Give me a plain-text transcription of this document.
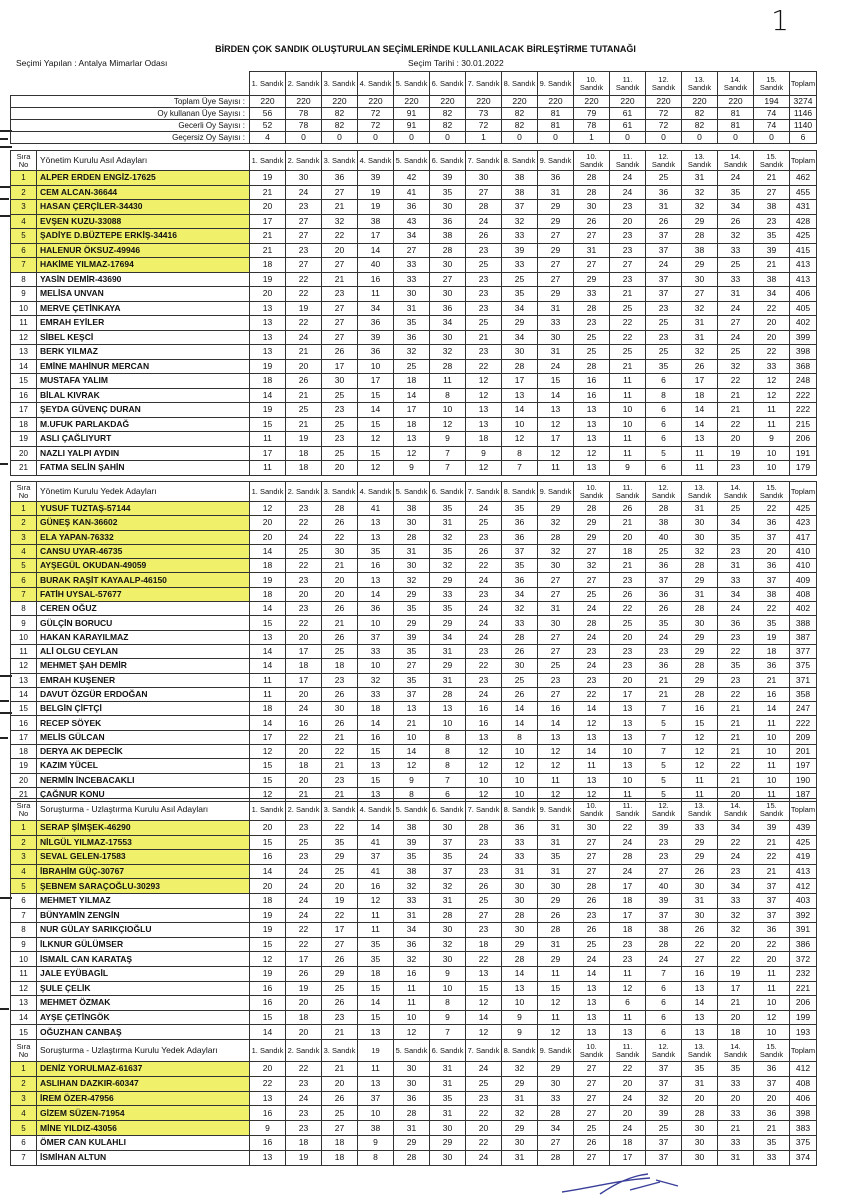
1
BİRDEN ÇOK SANDIK OLUŞTURULAN SEÇİMLERİNDE KULLANILACAK BİRLEŞTİRME TUTANAĞI
Seçimi Yapılan : Antalya Mimarlar Odası	Seçim Tarihi : 30.01.2022
	1. Sandık	2. Sandık	3. Sandık	4. Sandık	5. Sandık	6. Sandık	7. Sandık	8. Sandık	9. Sandık	10. Sandık	11. Sandık	12. Sandık	13. Sandık	14. Sandık	15. Sandık	Toplam
Toplam Üye Sayısı :	220	220	220	220	220	220	220	220	220	220	220	220	220	220	194	3274
Oy kullanan Üye Sayısı :	56	78	82	72	91	82	73	82	81	79	61	72	82	81	74	1146
Gecerli Oy Sayısı :	52	78	82	72	91	82	72	82	81	78	61	72	82	81	74	1140
Geçersiz Oy Sayısı :	4	0	0	0	0	0	1	0	0	1	0	0	0	0	0	6
Sıra No	Yönetim Kurulu Asıl Adayları	1. Sandık	2. Sandık	3. Sandık	4. Sandık	5. Sandık	6. Sandık	7. Sandık	8. Sandık	9. Sandık	10. Sandık	11. Sandık	12. Sandık	13. Sandık	14. Sandık	15. Sandık	Toplam
1	ALPER ERDEN ENGİZ-17625	19	30	36	39	42	39	30	38	36	28	24	25	31	24	21	462
2	CEM ALCAN-36644	21	24	27	19	41	35	27	38	31	28	24	36	32	35	27	455
3	HASAN ÇERÇİLER-34430	20	23	21	19	36	30	28	37	29	30	23	31	32	34	38	431
4	EVŞEN KUZU-33088	17	27	32	38	43	36	24	32	29	26	20	26	29	26	23	428
5	ŞADİYE D.BÜZTEPE ERKİŞ-34416	21	27	22	17	34	38	26	33	27	27	23	37	28	32	35	425
6	HALENUR ÖKSUZ-49946	21	23	20	14	27	28	23	39	29	31	23	37	38	33	39	415
7	HAKİME YILMAZ-17694	18	27	27	40	33	30	25	33	27	27	27	24	29	25	21	413
8	YASİN DEMİR-43690	19	22	21	16	33	27	23	25	27	29	23	37	30	33	38	413
9	MELİSA UNVAN	20	22	23	11	30	30	23	35	29	33	21	37	27	31	34	406
10	MERVE ÇETİNKAYA	13	19	27	34	31	36	23	34	31	28	25	23	32	24	22	405
11	EMRAH EYİLER	13	22	27	36	35	34	25	29	33	23	22	25	31	27	20	402
12	SİBEL KEŞCİ	13	24	27	39	36	30	21	34	30	25	22	23	31	24	20	399
13	BERK YILMAZ	13	21	26	36	32	32	23	30	31	25	25	25	32	25	22	398
14	EMİNE MAHİNUR MERCAN	19	20	17	10	25	28	22	28	24	28	21	35	26	32	33	368
15	MUSTAFA YALIM	18	26	30	17	18	11	12	17	15	16	11	6	17	22	12	248
16	BİLAL KIVRAK	14	21	25	15	14	8	12	13	14	16	11	8	18	21	12	222
17	ŞEYDA GÜVENÇ DURAN	19	25	23	14	17	10	13	14	13	13	10	6	14	21	11	222
18	M.UFUK PARLAKDAĞ	15	21	25	15	18	12	13	10	12	13	10	6	14	22	11	215
19	ASLI ÇAĞLIYURT	11	19	23	12	13	9	18	12	17	13	11	6	13	20	9	206
20	NAZLI YALPI AYDIN	17	18	25	15	12	7	9	8	12	12	11	5	11	19	10	191
21	FATMA SELİN ŞAHİN	11	18	20	12	9	7	12	7	11	13	9	6	11	23	10	179
Sıra No	Yönetim Kurulu Yedek Adayları	1. Sandık	2. Sandık	3. Sandık	4. Sandık	5. Sandık	6. Sandık	7. Sandık	8. Sandık	9. Sandık	10. Sandık	11. Sandık	12. Sandık	13. Sandık	14. Sandık	15. Sandık	Toplam
1	YUSUF TUZTAŞ-57144	12	23	28	41	38	35	24	35	29	28	26	28	31	25	22	425
2	GÜNEŞ KAN-36602	20	22	26	13	30	31	25	36	32	29	21	38	30	34	36	423
3	ELA YAPAN-76332	20	24	22	13	28	32	23	36	28	29	20	40	30	35	37	417
4	CANSU UYAR-46735	14	25	30	35	31	35	26	37	32	27	18	25	32	23	20	410
5	AYŞEGÜL OKUDAN-49059	18	22	21	16	30	32	22	35	30	32	21	36	28	31	36	410
6	BURAK RAŞİT KAYAALP-46150	19	23	20	13	32	29	24	36	27	27	23	37	29	33	37	409
7	FATİH UYSAL-57677	18	20	20	14	29	33	23	34	27	25	26	36	31	34	38	408
8	CEREN OĞUZ	14	23	26	36	35	35	24	32	31	24	22	26	28	24	22	402
9	GÜLÇİN BORUCU	15	22	21	10	29	29	24	33	30	28	25	35	30	36	35	388
10	HAKAN KARAYILMAZ	13	20	26	37	39	34	24	28	27	24	20	24	29	23	19	387
11	ALİ OLGU CEYLAN	14	17	25	33	35	31	23	26	27	23	23	23	29	22	18	377
12	MEHMET ŞAH DEMİR	14	18	18	10	27	29	22	30	25	24	23	36	28	35	36	375
13	EMRAH KUŞENER	11	17	23	32	35	31	23	25	23	23	20	21	29	23	21	371
14	DAVUT ÖZGÜR ERDOĞAN	11	20	26	33	37	28	24	26	27	22	17	21	28	22	16	358
15	BELGİN ÇİFTÇİ	18	24	30	18	13	13	16	14	16	14	13	7	16	21	14	247
16	RECEP SÖYEK	14	16	26	14	21	10	16	14	14	12	13	5	15	21	11	222
17	MELİS GÜLCAN	17	22	21	16	10	8	13	8	13	13	13	7	12	21	10	209
18	DERYA AK DEPECİK	12	20	22	15	14	8	12	10	12	14	10	7	12	21	10	201
19	KAZIM YÜCEL	15	18	21	13	12	8	12	12	12	11	13	5	12	22	11	197
20	NERMİN İNCEBACAKLI	15	20	23	15	9	7	10	10	11	13	10	5	11	21	10	190
21	ÇAĞNUR KONU	12	21	21	13	8	6	12	10	12	12	11	5	11	20	11	187
Sıra No	Soruşturma - Uzlaştırma Kurulu Asıl Adayları	1. Sandık	2. Sandık	3. Sandık	4. Sandık	5. Sandık	6. Sandık	7. Sandık	8. Sandık	9. Sandık	10. Sandık	11. Sandık	12. Sandık	13. Sandık	14. Sandık	15. Sandık	Toplam
1	SERAP ŞİMŞEK-46290	20	23	22	14	38	30	28	36	31	30	22	39	33	34	39	439
2	NİLGÜL YILMAZ-17553	15	25	35	41	39	37	23	33	31	27	24	23	29	22	21	425
3	SEVAL GELEN-17583	16	23	29	37	35	35	24	33	35	27	28	23	29	24	22	419
4	İBRAHİM GÜÇ-30767	14	24	25	41	38	37	23	31	31	27	24	27	26	23	21	413
5	ŞEBNEM SARAÇOĞLU-30293	20	24	20	16	32	32	26	30	30	28	17	40	30	34	37	412
6	MEHMET YILMAZ	18	24	19	12	33	31	25	30	29	26	18	39	31	33	37	403
7	BÜNYAMİN ZENGİN	19	24	22	11	31	28	27	28	26	23	17	37	30	32	37	392
8	NUR GÜLAY SARIKÇIOĞLU	19	22	17	11	34	30	23	30	28	26	18	38	26	32	36	391
9	İLKNUR GÜLÜMSER	15	22	27	35	36	32	18	29	31	25	23	28	22	20	22	386
10	İSMAİL CAN KARATAŞ	12	17	26	35	32	30	22	28	29	24	23	24	27	22	20	372
11	JALE EYÜBAGİL	19	26	29	18	16	9	13	14	11	14	11	7	16	19	11	232
12	ŞULE ÇELİK	16	19	25	15	11	10	15	13	15	13	12	6	13	17	11	221
13	MEHMET ÖZMAK	16	20	26	14	11	8	12	10	12	13	6	6	14	21	10	206
14	AYŞE ÇETİNGÖK	15	18	23	15	10	9	14	9	11	13	11	6	13	20	12	199
15	OĞUZHAN CANBAŞ	14	20	21	13	12	7	12	9	12	13	13	6	13	18	10	193
Sıra No	Soruşturma - Uzlaştırma Kurulu Yedek Adayları	1. Sandık	2. Sandık	3. Sandık	19	5. Sandık	6. Sandık	7. Sandık	8. Sandık	9. Sandık	10. Sandık	11. Sandık	12. Sandık	13. Sandık	14. Sandık	15. Sandık	Toplam
1	DENİZ YORULMAZ-61637	20	22	21	11	30	31	24	32	29	27	22	37	35	35	36	412
2	ASLIHAN DAZKIR-60347	22	23	20	13	30	31	25	29	30	27	20	37	31	33	37	408
3	İREM ÖZER-47956	13	24	26	37	36	35	23	31	33	27	24	32	20	20	20	406
4	GİZEM SÜZEN-71954	16	23	25	10	28	31	22	32	28	27	20	39	28	33	36	398
5	MİNE YILDIZ-43056	9	23	27	38	31	30	20	29	34	25	24	25	30	21	21	383
6	ÖMER CAN KULAHLI	16	18	18	9	29	29	22	30	27	26	18	37	30	33	35	375
7	İSMİHAN ALTUN	13	19	18	8	28	30	24	31	28	27	17	37	30	31	33	374
